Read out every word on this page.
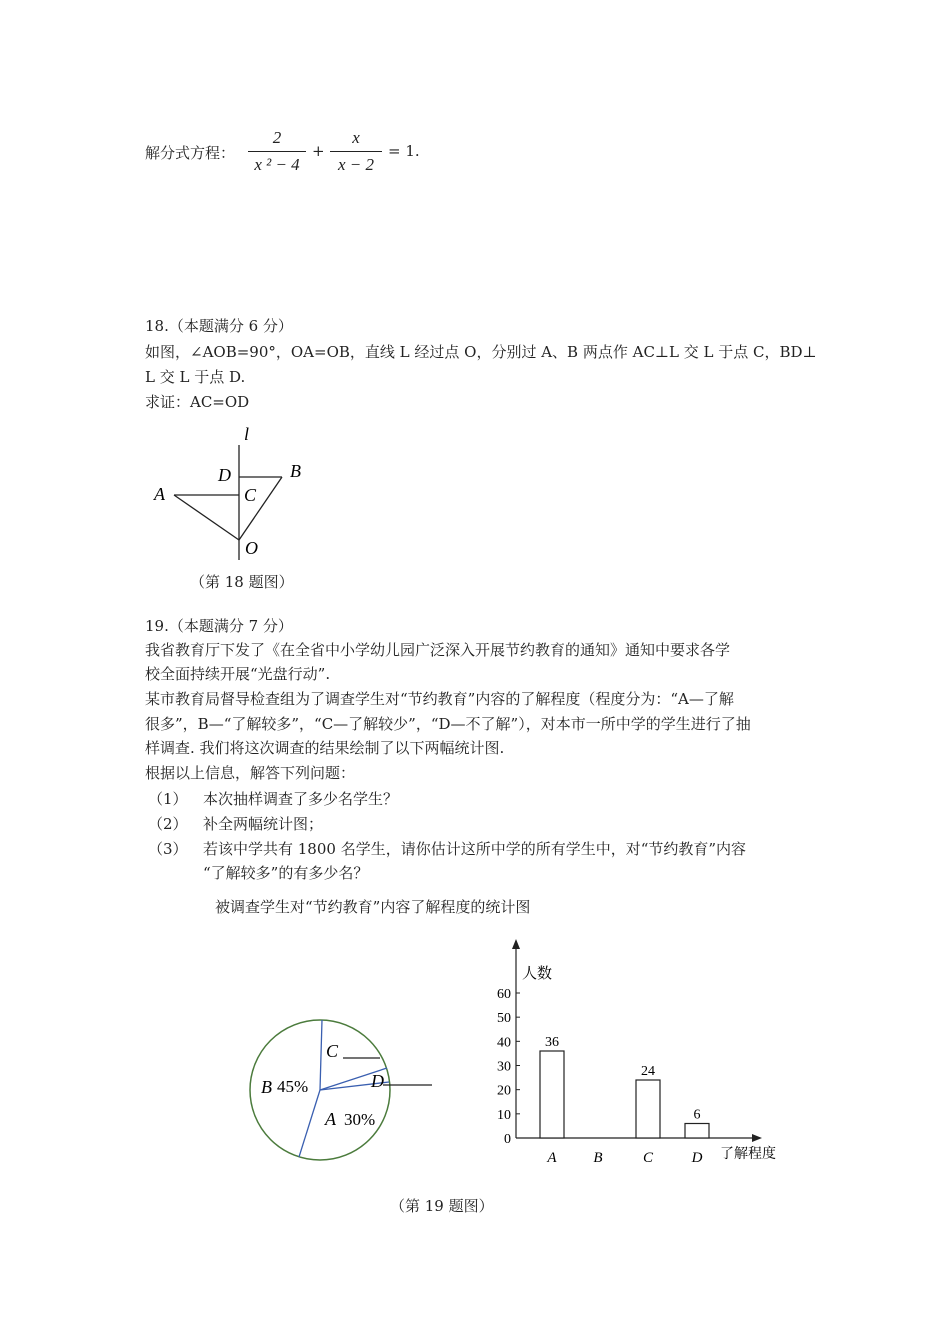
解分式方程：
2
x ² − 4
+
x
x − 2
= 1.
18.（本题满分 6 分）
如图，∠AOB=90°，OA=OB，直线 L 经过点 O，分别过 A、B 两点作 AC⊥L 交 L 于点 C，BD⊥
L 交 L 于点 D.
求证：AC=OD
l
D	B
A	C
O
（第 18 题图）
19.（本题满分 7 分）
我省教育厅下发了《在全省中小学幼儿园广泛深入开展节约教育的通知》通知中要求各学
校全面持续开展“光盘行动”.
某市教育局督导检查组为了调查学生对“节约教育”内容的了解程度（程度分为：“A—了解
很多”，B—“了解较多”，“C—了解较少”，“D—不了解”），对本市一所中学的学生进行了抽
样调查. 我们将这次调查的结果绘制了以下两幅统计图.
根据以上信息，解答下列问题：
（1） 本次抽样调查了多少名学生？
（2） 补全两幅统计图；
（3） 若该中学共有 1800 名学生，请你估计这所中学的所有学生中，对“节约教育”内容
“了解较多”的有多少名？
被调查学生对“节约教育”内容了解程度的统计图
C
D
B 45%
A 30%
人数
了解程度
0
10
20
30
40
50
60
36
A B
24
C
6
D
（第 19 题图）
